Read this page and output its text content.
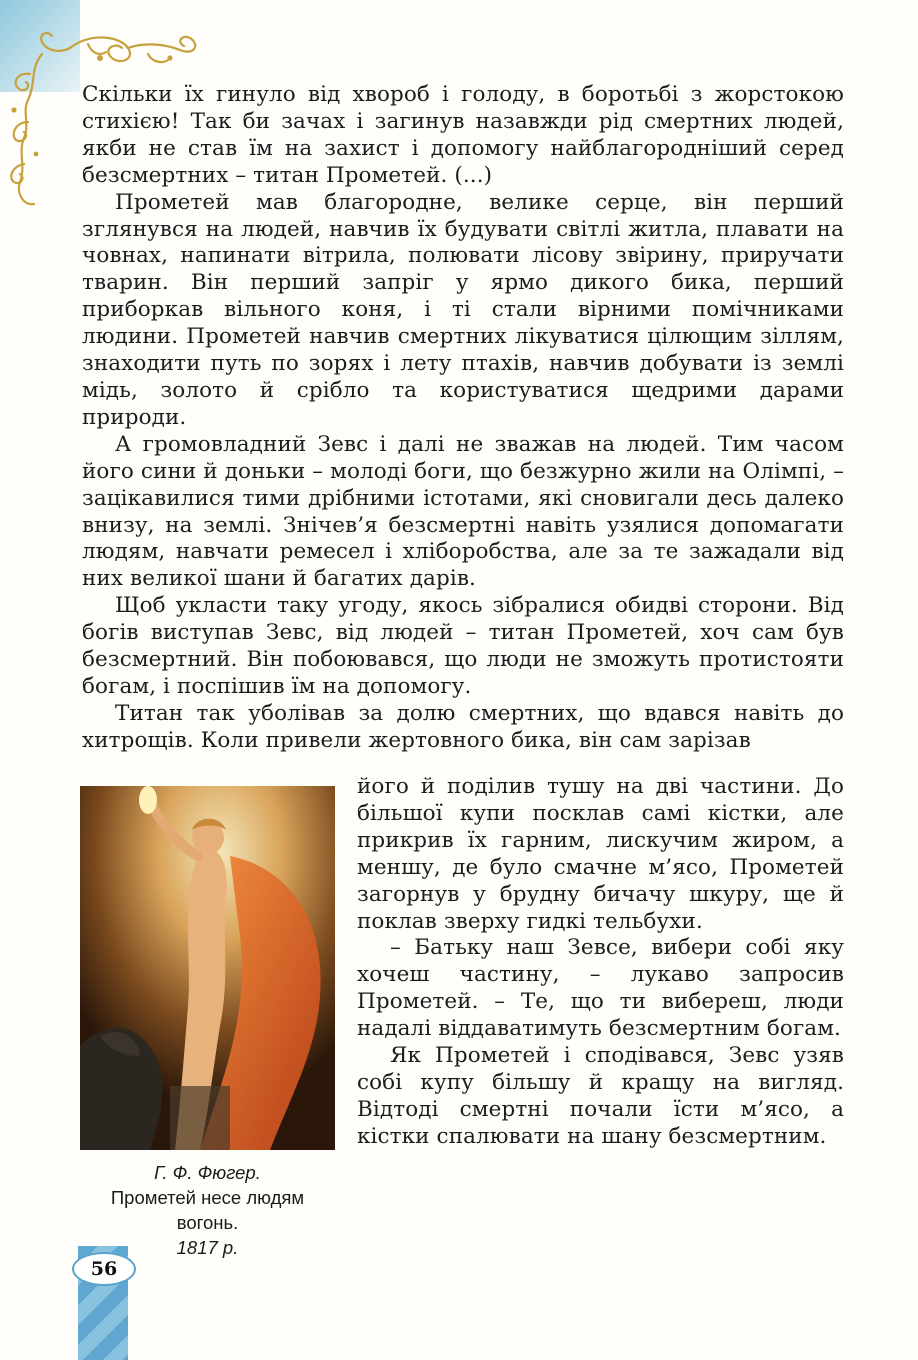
Скільки їх гинуло від хвороб і голоду, в боротьбі з жорстокою стихією! Так би зачах і загинув назавжди рід смертних людей, якби не став їм на захист і допомогу найблагородніший серед безсмертних – титан Прометей. (...)

Прометей мав благородне, велике серце, він перший зглянувся на людей, навчив їх будувати світлі житла, плавати на човнах, напинати вітрила, полювати лісову звірину, приручати тварин. Він перший запріг у ярмо дикого бика, перший приборкав вільного коня, і ті стали вірними помічниками людини. Прометей навчив смертних лікуватися цілющим зіллям, знаходити путь по зорях і лету птахів, навчив добувати із землі мідь, золото й срібло та користуватися щедрими дарами природи.

А громовладний Зевс і далі не зважав на людей. Тим часом його сини й доньки – молоді боги, що безжурно жили на Олімпі, – зацікавилися тими дрібними істотами, які сновигали десь далеко внизу, на землі. Знічев’я безсмертні навіть узялися допомагати людям, навчати ремесел і хліборобства, але за те зажадали від них великої шани й багатих дарів.

Щоб укласти таку угоду, якось зібралися обидві сторони. Від богів виступав Зевс, від людей – титан Прометей, хоч сам був безсмертний. Він побоювався, що люди не зможуть протистояти богам, і поспішив їм на допомогу.

Титан так уболівав за долю смертних, що вдався навіть до хитрощів. Коли привели жертовного бика, він сам зарізав

Г. Ф. Фюгер.
Прометей несе людям вогонь.
1817 р.

його й поділив тушу на дві частини. До більшої купи посклав самі кістки, але прикрив їх гарним, лискучим жиром, а меншу, де було смачне м’ясо, Прометей загорнув у брудну бичачу шкуру, ще й поклав зверху гидкі тельбухи.

– Батьку наш Зевсе, вибери собі яку хочеш частину, – лукаво запросив Прометей. – Те, що ти вибереш, люди надалі віддаватимуть безсмертним богам.

Як Прометей і сподівався, Зевс узяв собі купу більшу й кращу на вигляд. Відтоді смертні почали їсти м’ясо, а кістки спалювати на шану безсмертним.

56
